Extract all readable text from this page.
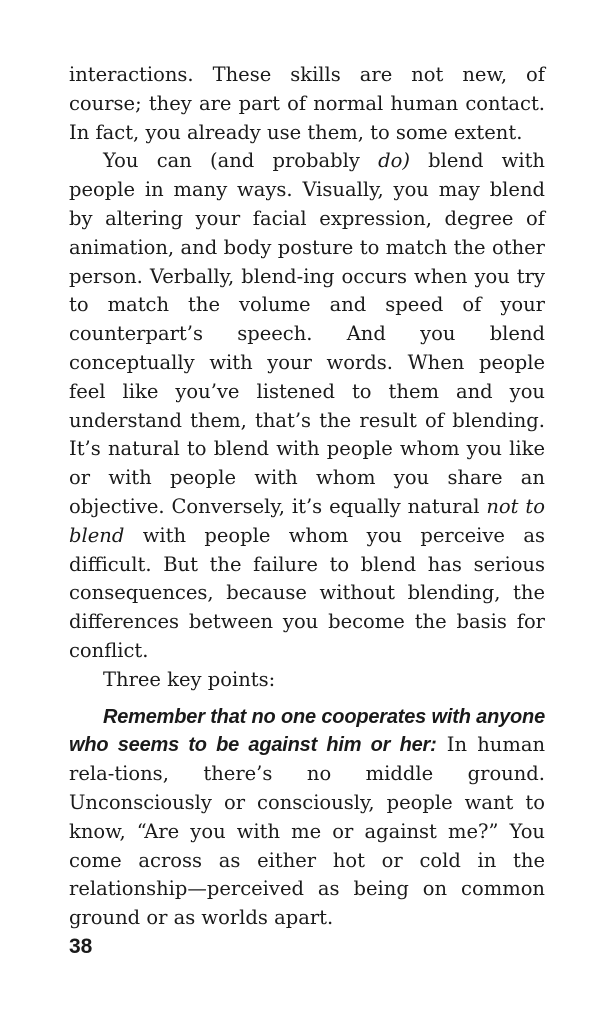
interactions. These skills are not new, of course; they are part of normal human contact. In fact, you already use them, to some extent.

You can (and probably do) blend with people in many ways. Visually, you may blend by altering your facial expression, degree of animation, and body posture to match the other person. Verbally, blend-ing occurs when you try to match the volume and speed of your counterpart’s speech. And you blend conceptually with your words. When people feel like you’ve listened to them and you understand them, that’s the result of blending. It’s natural to blend with people whom you like or with people with whom you share an objective. Conversely, it’s equally natural not to blend with people whom you perceive as difficult. But the failure to blend has serious consequences, because without blending, the differences between you become the basis for conflict.

Three key points:

Remember that no one cooperates with anyone who seems to be against him or her: In human rela-tions, there’s no middle ground. Unconsciously or consciously, people want to know, “Are you with me or against me?” You come across as either hot or cold in the relationship—perceived as being on common ground or as worlds apart.

38
